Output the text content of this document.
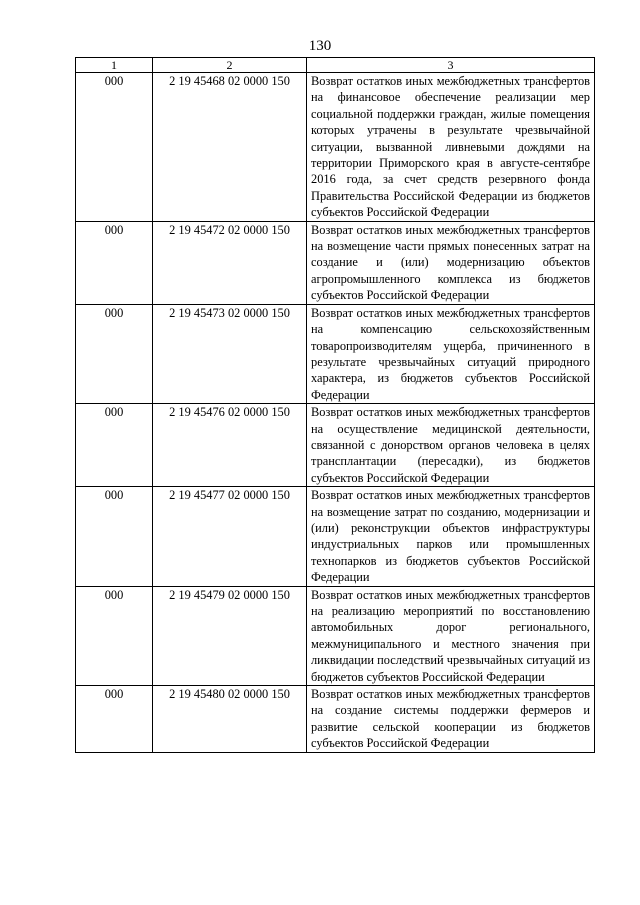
130
1	2	3
000	2 19 45468 02 0000 150	Возврат остатков иных межбюджетных трансфертов на финансовое обеспечение реализации мер социальной поддержки граждан, жилые помещения которых утрачены в результате чрезвычайной ситуации, вызванной ливневыми дождями на территории Приморского края в августе-сентябре 2016 года, за счет средств резервного фонда Правительства Российской Федерации из бюджетов субъектов Российской Федерации
000	2 19 45472 02 0000 150	Возврат остатков иных межбюджетных трансфертов на возмещение части прямых понесенных затрат на создание и (или) модернизацию объектов агропромышленного комплекса из бюджетов субъектов Российской Федерации
000	2 19 45473 02 0000 150	Возврат остатков иных межбюджетных трансфертов на компенсацию сельскохозяйственным товаропроизводителям ущерба, причиненного в результате чрезвычайных ситуаций природного характера, из бюджетов субъектов Российской Федерации
000	2 19 45476 02 0000 150	Возврат остатков иных межбюджетных трансфертов на осуществление медицинской деятельности, связанной с донорством органов человека в целях трансплантации (пересадки), из бюджетов субъектов Российской Федерации
000	2 19 45477 02 0000 150	Возврат остатков иных межбюджетных трансфертов на возмещение затрат по созданию, модернизации и (или) реконструкции объектов инфраструктуры индустриальных парков или промышленных технопарков из бюджетов субъектов Российской Федерации
000	2 19 45479 02 0000 150	Возврат остатков иных межбюджетных трансфертов на реализацию мероприятий по восстановлению автомобильных дорог регионального, межмуниципального и местного значения при ликвидации последствий чрезвычайных ситуаций из бюджетов субъектов Российской Федерации
000	2 19 45480 02 0000 150	Возврат остатков иных межбюджетных трансфертов на создание системы поддержки фермеров и развитие сельской кооперации из бюджетов субъектов Российской Федерации
